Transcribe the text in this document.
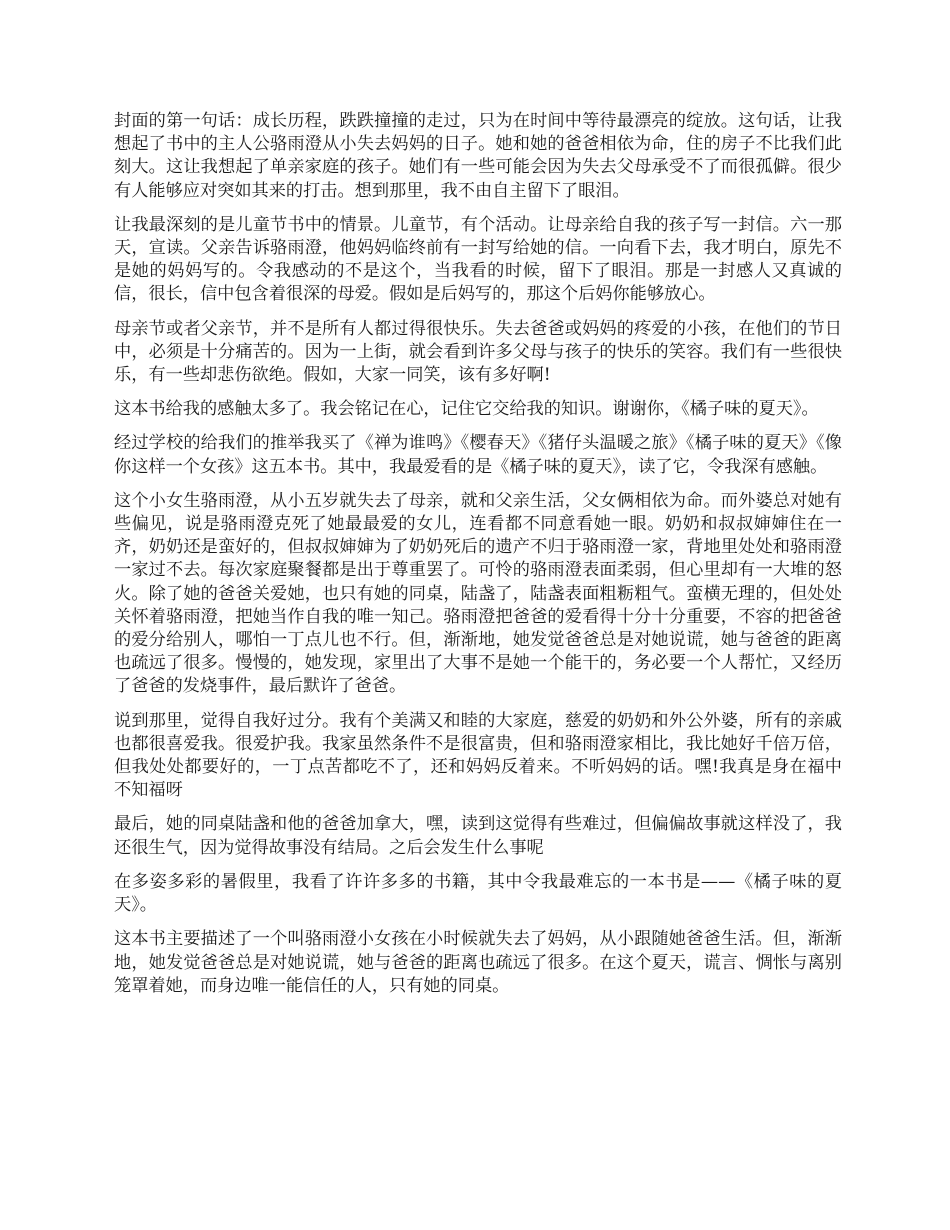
封面的第一句话：成长历程，跌跌撞撞的走过，只为在时间中等待最漂亮的绽放。这句话，让我想起了书中的主人公骆雨澄从小失去妈妈的日子。她和她的爸爸相依为命，住的房子不比我们此刻大。这让我想起了单亲家庭的孩子。她们有一些可能会因为失去父母承受不了而很孤僻。很少有人能够应对突如其来的打击。想到那里，我不由自主留下了眼泪。

让我最深刻的是儿童节书中的情景。儿童节，有个活动。让母亲给自我的孩子写一封信。六一那天，宣读。父亲告诉骆雨澄，他妈妈临终前有一封写给她的信。一向看下去，我才明白，原先不是她的妈妈写的。令我感动的不是这个，当我看的时候，留下了眼泪。那是一封感人又真诚的信，很长，信中包含着很深的母爱。假如是后妈写的，那这个后妈你能够放心。

母亲节或者父亲节，并不是所有人都过得很快乐。失去爸爸或妈妈的疼爱的小孩，在他们的节日中，必须是十分痛苦的。因为一上街，就会看到许多父母与孩子的快乐的笑容。我们有一些很快乐，有一些却悲伤欲绝。假如，大家一同笑，该有多好啊!

这本书给我的感触太多了。我会铭记在心，记住它交给我的知识。谢谢你，《橘子味的夏天》。

经过学校的给我们的推举我买了《禅为谁鸣》《樱春天》《猪仔头温暖之旅》《橘子味的夏天》《像你这样一个女孩》这五本书。其中，我最爱看的是《橘子味的夏天》，读了它，令我深有感触。

这个小女生骆雨澄，从小五岁就失去了母亲，就和父亲生活，父女俩相依为命。而外婆总对她有些偏见，说是骆雨澄克死了她最最爱的女儿，连看都不同意看她一眼。奶奶和叔叔婶婶住在一齐，奶奶还是蛮好的，但叔叔婶婶为了奶奶死后的遗产不归于骆雨澄一家，背地里处处和骆雨澄一家过不去。每次家庭聚餐都是出于尊重罢了。可怜的骆雨澄表面柔弱，但心里却有一大堆的怒火。除了她的爸爸关爱她，也只有她的同桌，陆盏了，陆盏表面粗粝粗气。蛮横无理的，但处处关怀着骆雨澄，把她当作自我的唯一知己。骆雨澄把爸爸的爱看得十分十分重要，不容的把爸爸的爱分给别人，哪怕一丁点儿也不行。但，渐渐地，她发觉爸爸总是对她说谎，她与爸爸的距离也疏远了很多。慢慢的，她发现，家里出了大事不是她一个能干的，务必要一个人帮忙，又经历了爸爸的发烧事件，最后默许了爸爸。

说到那里，觉得自我好过分。我有个美满又和睦的大家庭，慈爱的奶奶和外公外婆，所有的亲戚也都很喜爱我。很爱护我。我家虽然条件不是很富贵，但和骆雨澄家相比，我比她好千倍万倍，但我处处都要好的，一丁点苦都吃不了，还和妈妈反着来。不听妈妈的话。嘿!我真是身在福中不知福呀

最后，她的同桌陆盏和他的爸爸加拿大，嘿，读到这觉得有些难过，但偏偏故事就这样没了，我还很生气，因为觉得故事没有结局。之后会发生什么事呢

在多姿多彩的暑假里，我看了许许多多的书籍，其中令我最难忘的一本书是——《橘子味的夏天》。

这本书主要描述了一个叫骆雨澄小女孩在小时候就失去了妈妈，从小跟随她爸爸生活。但，渐渐地，她发觉爸爸总是对她说谎，她与爸爸的距离也疏远了很多。在这个夏天，谎言、惆怅与离别笼罩着她，而身边唯一能信任的人，只有她的同桌。
